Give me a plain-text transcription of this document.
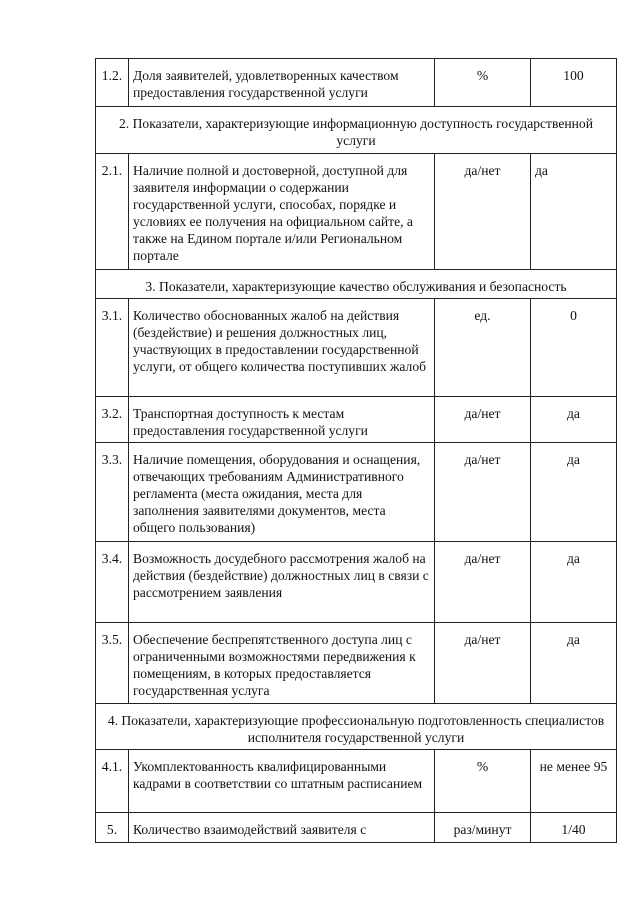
1.2.	Доля заявителей, удовлетворенных качеством предоставления государственной услуги	%	100
2. Показатели, характеризующие информационную доступность государственной услуги			
2.1.	Наличие полной и достоверной, доступной для заявителя информации о содержании государственной услуги, способах, порядке и условиях ее получения на официальном сайте, а также на Едином портале и/или Региональном портале	да/нет	да
3. Показатели, характеризующие качество обслуживания и безопасность			
3.1.	Количество обоснованных жалоб на действия (бездействие) и решения должностных лиц, участвующих в предоставлении государственной услуги, от общего количества поступивших жалоб	ед.	0
3.2.	Транспортная доступность к местам предоставления государственной услуги	да/нет	да
3.3.	Наличие помещения, оборудования и оснащения, отвечающих требованиям Административного регламента (места ожидания, места для заполнения заявителями документов, места общего пользования)	да/нет	да
3.4.	Возможность досудебного рассмотрения жалоб на действия (бездействие) должностных лиц в связи с рассмотрением заявления	да/нет	да
3.5.	Обеспечение беспрепятственного доступа лиц с ограниченными возможностями передвижения к помещениям, в которых предоставляется государственная услуга	да/нет	да
4. Показатели, характеризующие профессиональную подготовленность специалистов исполнителя государственной услуги			
4.1.	Укомплектованность квалифицированными кадрами в соответствии со штатным расписанием	%	не менее 95
5.	Количество взаимодействий заявителя с	раз/минут	1/40
